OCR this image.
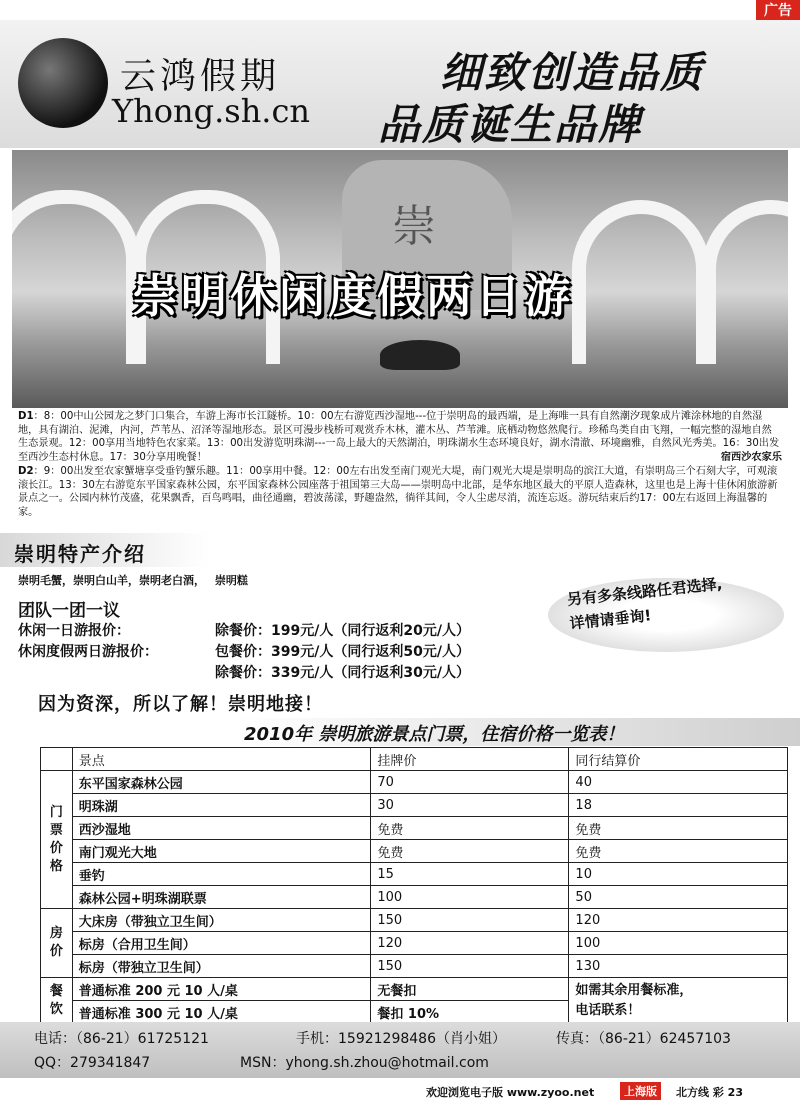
广告
云鸿假期
Yhong.sh.cn
细致创造品质
品质诞生品牌
崇
崇明休闲度假两日游
D1：8：00中山公园龙之梦门口集合，车游上海市长江隧桥。10：00左右游览西沙湿地---位于崇明岛的最西端，是上海唯一具有自然潮汐现象成片滩涂林地的自然湿地，具有湖泊、泥滩，内河，芦苇丛、沼泽等湿地形态。景区可漫步栈桥可观赏乔木林，灌木丛、芦苇滩。底栖动物悠然爬行。珍稀鸟类自由飞翔，一幅完整的湿地自然生态景观。12：00享用当地特色农家菜。13：00出发游览明珠湖---一岛上最大的天然湖泊，明珠湖水生态环境良好，湖水清澈、环境幽雅，自然风光秀美。16：30出发至西沙生态村休息。17：30分享用晚餐！	宿西沙农家乐
D2：9：00出发至农家蟹塘享受垂钓蟹乐趣。11：00享用中餐。12：00左右出发至南门观光大堤，南门观光大堤是崇明岛的滨江大道，有崇明岛三个石刻大字，可观滚滚长江。13：30左右游览东平国家森林公园，东平国家森林公园座落于祖国第三大岛——崇明岛中北部，是华东地区最大的平原人造森林，这里也是上海十佳休闲旅游新景点之一。公园内林竹茂盛，花果飘香，百鸟鸣唱，曲径通幽，碧波荡漾，野趣盎然，徜徉其间，令人尘虑尽消，流连忘返。游玩结束后约17：00左右返回上海温馨的家。
崇明特产介绍
崇明毛蟹，崇明白山羊，崇明老白酒， 崇明糕
团队一团一议
休闲一日游报价：	除餐价：199元/人（同行返利20元/人）
休闲度假两日游报价：	包餐价：399元/人（同行返利50元/人）
除餐价：339元/人（同行返利30元/人）
另有多条线路任君选择,
详情请垂询!
因为资深，所以了解！崇明地接！
2010年 崇明旅游景点门票，住宿价格一览表！
	景点	挂牌价	同行结算价

门票价格	东平国家森林公园	70	40
	明珠湖	30	18
	西沙湿地	免费	免费
	南门观光大地	免费	免费
	垂钓	15	10
	森林公园+明珠湖联票	100	50

房价	大床房（带独立卫生间）	150	120
	标房（合用卫生间）	120	100
	标房（带独立卫生间）	150	130

餐饮	普通标准 200 元 10 人/桌	无餐扣	如需其余用餐标准，
电话联系！

	普通标准 300 元 10 人/桌	餐扣 10%	
电话：（86-21）61725121	手机：15921298486（肖小姐）	传真：（86-21）62457103
QQ：279341847	MSN：yhong.sh.zhou@hotmail.com
欢迎浏览电子版 www.zyoo.net	上海版	北方线 彩 23
